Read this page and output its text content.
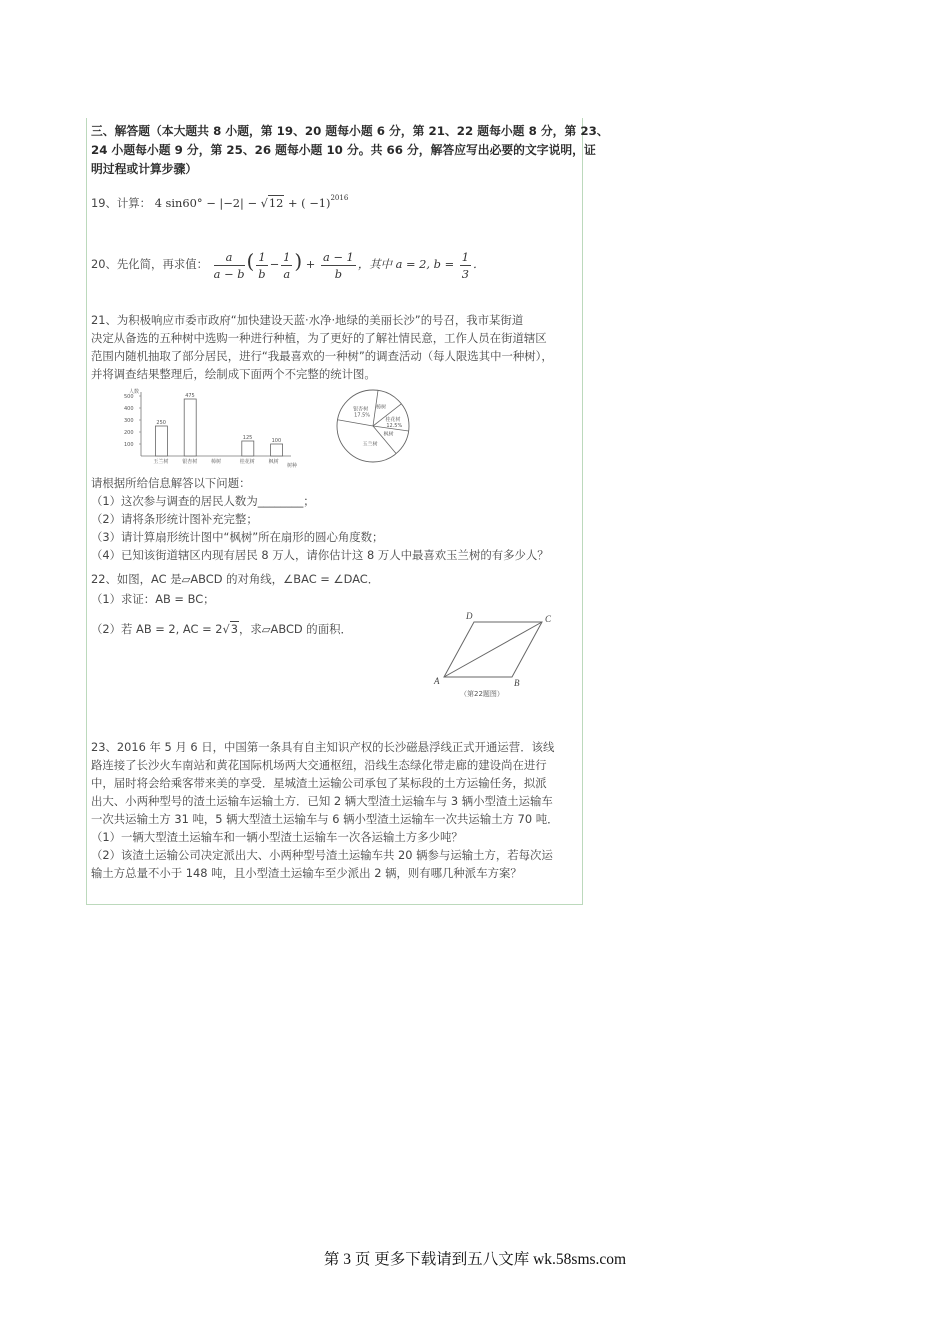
三、解答题（本大题共 8 小题，第 19、20 题每小题 6 分，第 21、22 题每小题 8 分，第 23、
24 小题每小题 9 分，第 25、26 题每小题 10 分。共 66 分，解答应写出必要的文字说明，证
明过程或计算步骤）
19、计算： 4 sin60° − |−2| − √12 + ( −1)$^{2016}$
20、先化简，再求值： $\frac{a}{a - b}$ ( $\frac{1}{b} - \frac{1}{a}$ ) + $\frac{a - 1}{b}$ ，其中 a = 2, $b = \frac{1}{3}$ ．
21、为积极响应市委市政府“加快建设天蓝·水净·地绿的美丽长沙”的号召，我市某街道
决定从备选的五种树中选购一种进行种植，为了更好的了解社情民意，工作人员在街道辖区
范围内随机抽取了部分居民，进行“我最喜欢的一种树”的调查活动（每人限选其中一种树），
并将调查结果整理后，绘制成下面两个不完整的统计图。
人数
树种
100
200
300
400
500
玉兰树
250
银杏树
475
樟树	桂花树
125
枫树
100
银杏树
17.5%
樟树
桂花树
12.5%
枫树
玉兰树
请根据所给信息解答以下问题：
（1）这次参与调查的居民人数为________；
（2）请将条形统计图补充完整；
（3）请计算扇形统计图中“枫树”所在扇形的圆心角度数；
（4）已知该街道辖区内现有居民 8 万人，请你估计这 8 万人中最喜欢玉兰树的有多少人？
22、如图，AC 是▱ABCD 的对角线，∠BAC = ∠DAC．
（1）求证：AB = BC；
（2）若 AB = 2, AC = 2√3，求▱ABCD 的面积．
A	B
C
D
（第22题图）
23、2016 年 5 月 6 日，中国第一条具有自主知识产权的长沙磁悬浮线正式开通运营．该线
路连接了长沙火车南站和黄花国际机场两大交通枢纽，沿线生态绿化带走廊的建设尚在进行
中，届时将会给乘客带来美的享受．星城渣土运输公司承包了某标段的土方运输任务，拟派
出大、小两种型号的渣土运输车运输土方．已知 2 辆大型渣土运输车与 3 辆小型渣土运输车
一次共运输土方 31 吨，5 辆大型渣土运输车与 6 辆小型渣土运输车一次共运输土方 70 吨．
（1）一辆大型渣土运输车和一辆小型渣土运输车一次各运输土方多少吨？
（2）该渣土运输公司决定派出大、小两种型号渣土运输车共 20 辆参与运输土方，若每次运
输土方总量不小于 148 吨，且小型渣土运输车至少派出 2 辆，则有哪几种派车方案？
第 3 页 更多下载请到五八文库 wk.58sms.com
